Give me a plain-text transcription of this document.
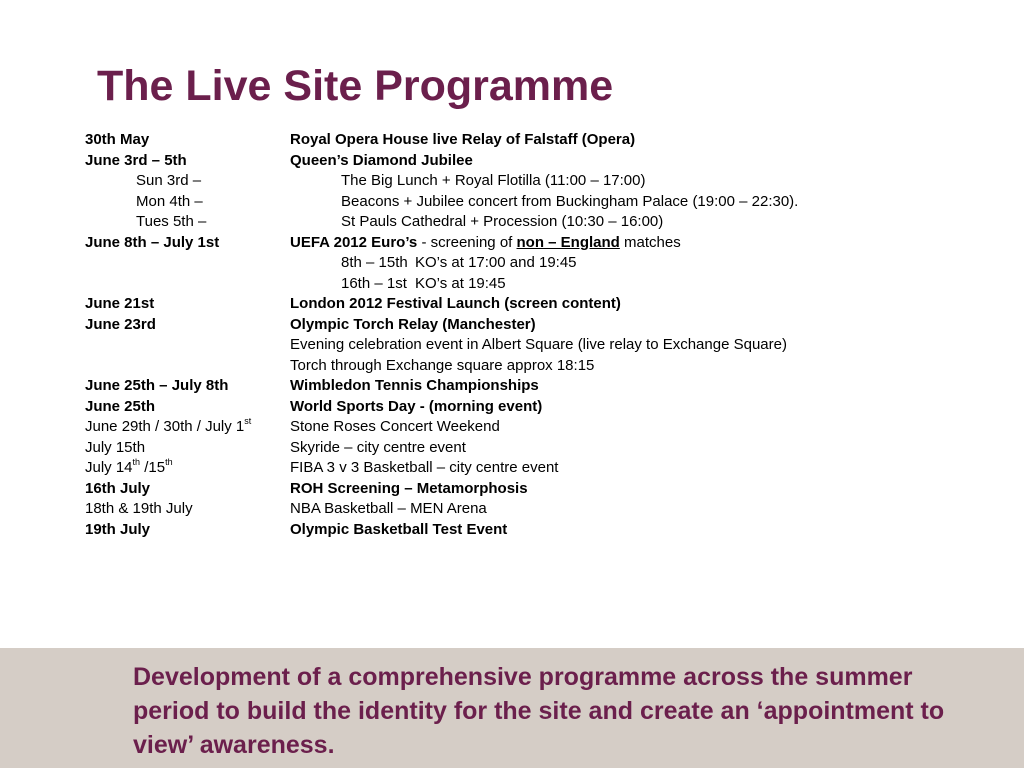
The Live Site Programme
30th May	Royal Opera House live Relay of Falstaff (Opera)
June 3rd – 5th	Queen’s Diamond Jubilee
Sun 3rd –	The Big Lunch + Royal Flotilla (11:00 – 17:00)
Mon 4th –	Beacons + Jubilee concert from Buckingham Palace (19:00 – 22:30).
Tues 5th –	St Pauls Cathedral + Procession (10:30 – 16:00)
June 8th – July 1st	UEFA 2012 Euro’s - screening of non – England matches
8th – 15th KO’s at 17:00 and 19:45
16th – 1st KO’s at 19:45
June 21st	London 2012 Festival Launch (screen content)
June 23rd	Olympic Torch Relay (Manchester)
Evening celebration event in Albert Square (live relay to Exchange Square)
Torch through Exchange square approx 18:15
June 25th – July 8th	Wimbledon Tennis Championships
June 25th	World Sports Day - (morning event)
June 29th / 30th / July 1st	Stone Roses Concert Weekend
July 15th	Skyride – city centre event
July 14th /15th	FIBA 3 v 3 Basketball – city centre event
16th July	ROH Screening – Metamorphosis
18th & 19th July	NBA Basketball – MEN Arena
19th July	Olympic Basketball Test Event

Development of a comprehensive programme across the summer period to build the identity for the site and create an ‘appointment to view’ awareness.
